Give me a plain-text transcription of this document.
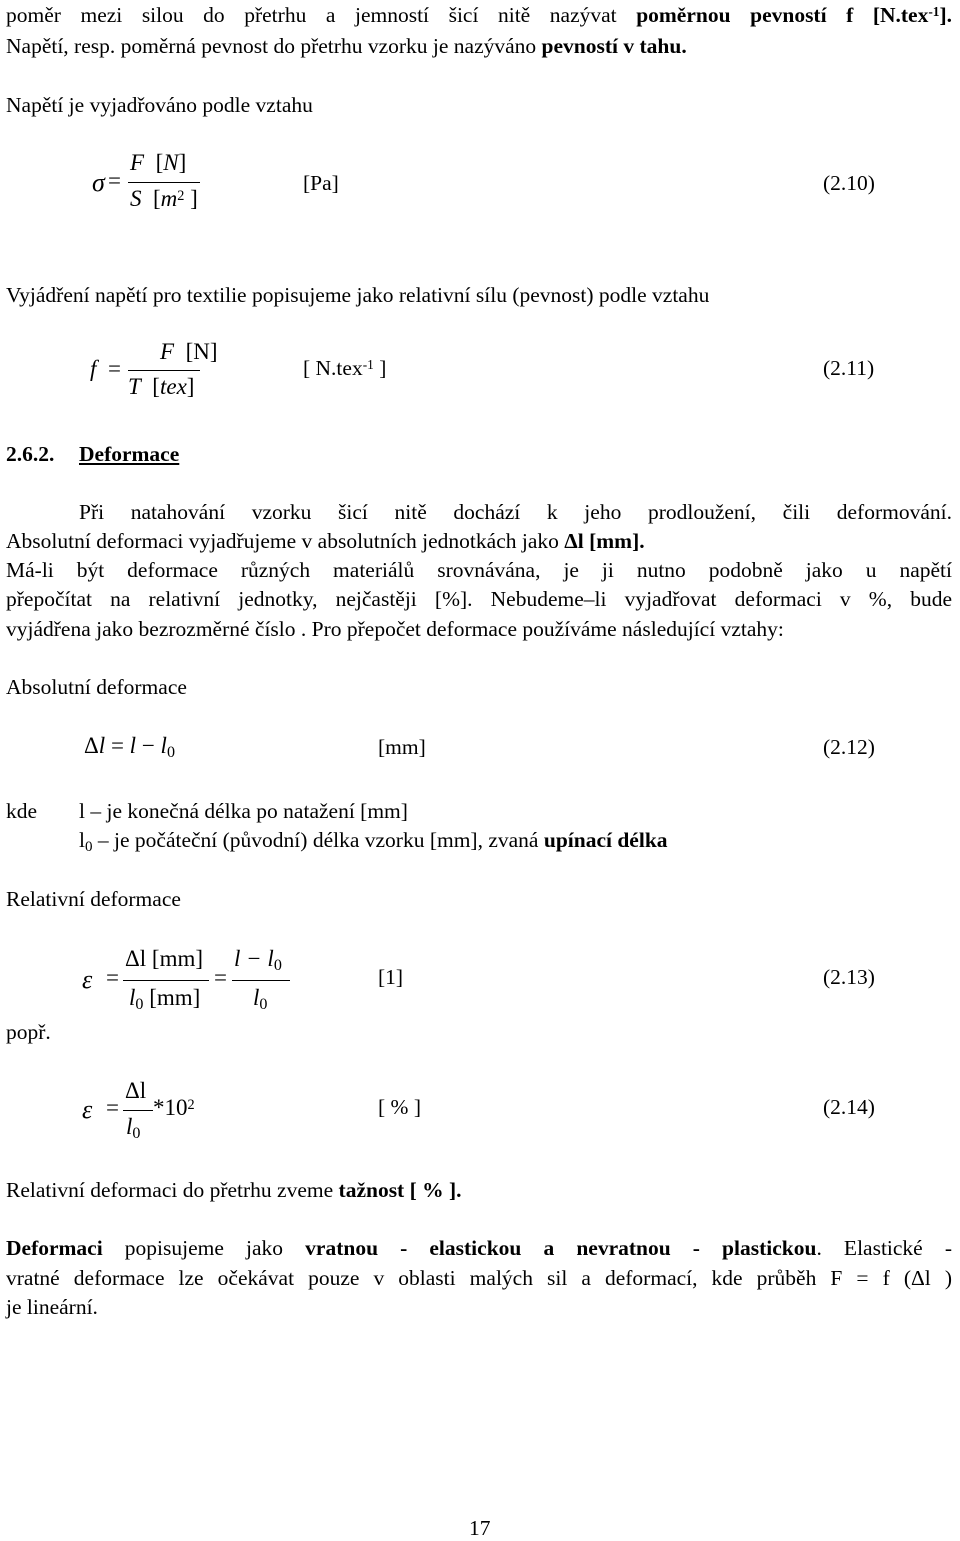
poměr mezi silou do přetrhu a jemností šicí nitě nazývat poměrnou pevností f [N.tex$^{-1}$].
Napětí, resp. poměrná pevnost do přetrhu vzorku je nazýváno pevností v tahu.
Napětí je vyjadřováno podle vztahu
σ =
F [N]
S [$m^2$ ]
[Pa]	(2.10)
Vyjádření napětí pro textilie popisujeme jako relativní sílu (pevnost) podle vztahu
f =
F [N]
T [tex]
[ N.tex$^{-1}$ ]	(2.11)
2.6.2. Deformace
Při natahování vzorku šicí nitě dochází k jeho prodloužení, čili deformování.
Absolutní deformaci vyjadřujeme v absolutních jednotkách jako Δl [mm].
Má-li být deformace různých materiálů srovnávána, je ji nutno podobně jako u napětí
přepočítat na relativní jednotky, nejčastěji [%]. Nebudeme–li vyjadřovat deformaci v %, bude
vyjádřena jako bezrozměrné číslo . Pro přepočet deformace používáme následující vztahy:
Absolutní deformace
$\Delta l = l - l_0$	[mm]	(2.12)
kde l – je konečná délka po natažení [mm]
$l_0$ – je počáteční (původní) délka vzorku [mm], zvaná upínací délka
Relativní deformace
ε =
Δl [mm]
$l_0$ [mm]
=
$l - l_0$
$l_0$
[1]	(2.13)
popř.
ε =
Δl
$l_0$
$*10^2$	[ % ]	(2.14)
Relativní deformaci do přetrhu zveme tažnost [ % ].
Deformaci popisujeme jako vratnou - elastickou a nevratnou - plastickou. Elastické -
vratné deformace lze očekávat pouze v oblasti malých sil a deformací, kde průběh F = f (Δl )
je lineární.
17
